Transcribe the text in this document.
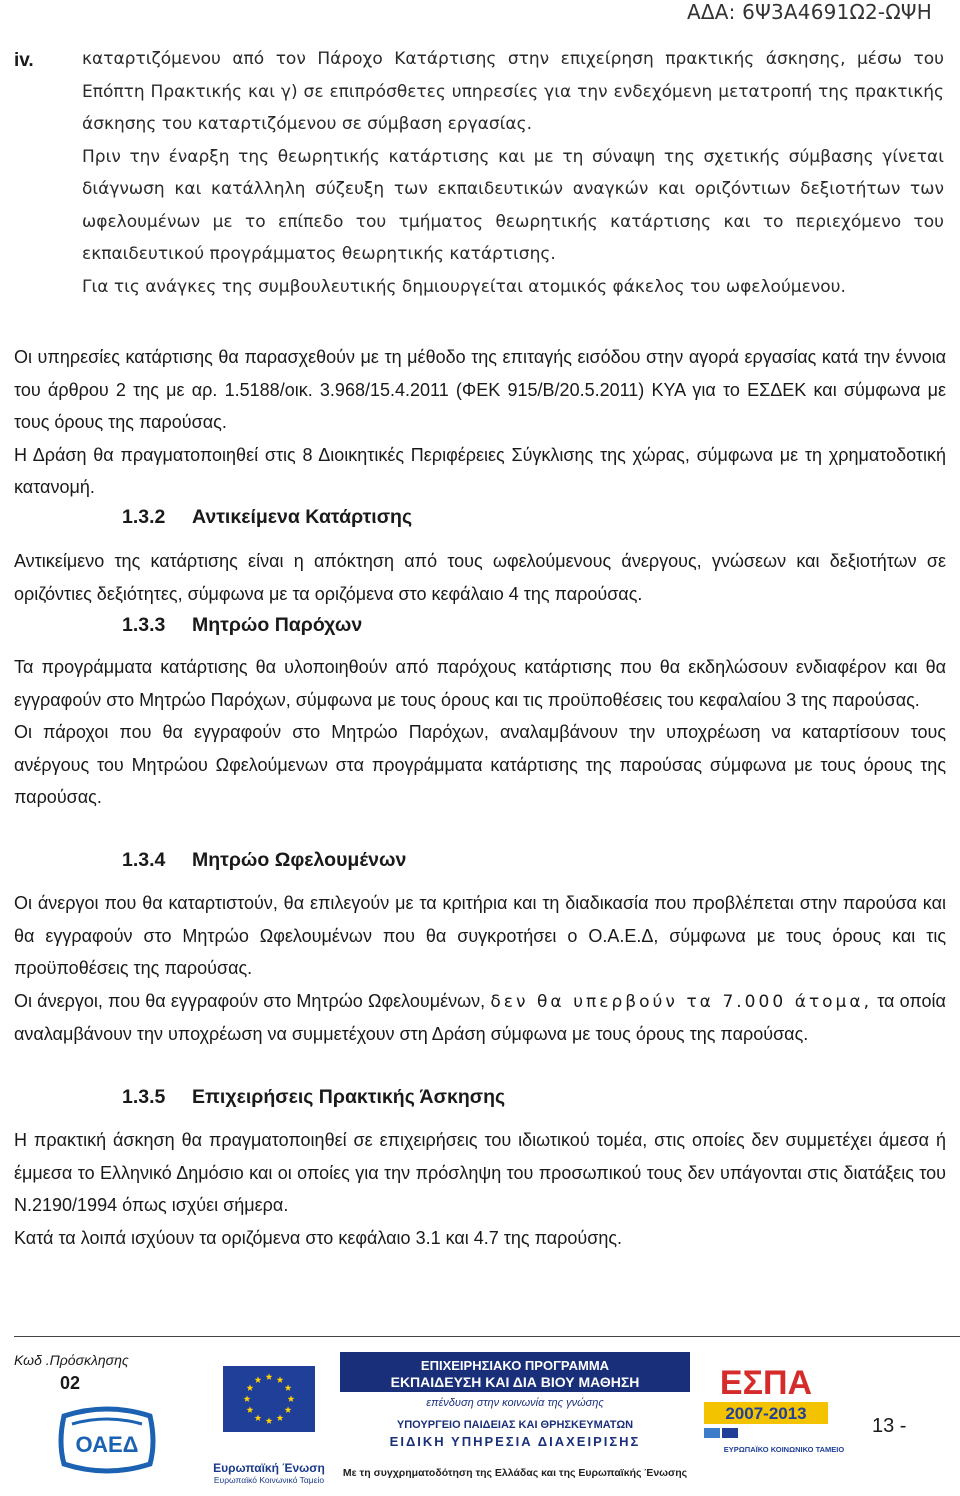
ΑΔΑ: 6Ψ3Α4691Ω2-ΩΨΗ
iv.	καταρτιζόμενου από τον Πάροχο Κατάρτισης στην επιχείρηση πρακτικής άσκησης, μέσω του Επόπτη Πρακτικής και γ) σε επιπρόσθετες υπηρεσίες για την ενδεχόμενη μετατροπή της πρακτικής άσκησης του καταρτιζόμενου σε σύμβαση εργασίας.

Πριν την έναρξη της θεωρητικής κατάρτισης και με τη σύναψη της σχετικής σύμβασης γίνεται διάγνωση και κατάλληλη σύζευξη των εκπαιδευτικών αναγκών και οριζόντιων δεξιοτήτων των ωφελουμένων με το επίπεδο του τμήματος θεωρητικής κατάρτισης και το περιεχόμενο του εκπαιδευτικού προγράμματος θεωρητικής κατάρτισης.

Για τις ανάγκες της συμβουλευτικής δημιουργείται ατομικός φάκελος του ωφελούμενου.

Οι υπηρεσίες κατάρτισης θα παρασχεθούν με τη μέθοδο της επιταγής εισόδου στην αγορά εργασίας κατά την έννοια του άρθρου 2 της με αρ. 1.5188/οικ. 3.968/15.4.2011 (ΦΕΚ 915/Β/20.5.2011) ΚΥΑ για το ΕΣΔΕΚ και σύμφωνα με τους όρους της παρούσας.

Η Δράση θα πραγματοποιηθεί στις 8 Διοικητικές Περιφέρειες Σύγκλισης της χώρας, σύμφωνα με τη χρηματοδοτική κατανομή.

1.3.2 Αντικείμενα Κατάρτισης

Αντικείμενο της κατάρτισης είναι η απόκτηση από τους ωφελούμενους άνεργους, γνώσεων και δεξιοτήτων σε οριζόντιες δεξιότητες, σύμφωνα με τα οριζόμενα στο κεφάλαιο 4 της παρούσας.

1.3.3 Μητρώο Παρόχων

Τα προγράμματα κατάρτισης θα υλοποιηθούν από παρόχους κατάρτισης που θα εκδηλώσουν ενδιαφέρον και θα εγγραφούν στο Μητρώο Παρόχων, σύμφωνα με τους όρους και τις προϋποθέσεις του κεφαλαίου 3 της παρούσας.

Οι πάροχοι που θα εγγραφούν στο Μητρώο Παρόχων, αναλαμβάνουν την υποχρέωση να καταρτίσουν τους ανέργους του Μητρώου Ωφελούμενων στα προγράμματα κατάρτισης της παρούσας σύμφωνα με τους όρους της παρούσας.

1.3.4 Μητρώο Ωφελουμένων

Οι άνεργοι που θα καταρτιστούν, θα επιλεγούν με τα κριτήρια και τη διαδικασία που προβλέπεται στην παρούσα και θα εγγραφούν στο Μητρώο Ωφελουμένων που θα συγκροτήσει ο Ο.Α.Ε.Δ, σύμφωνα με τους όρους και τις προϋποθέσεις της παρούσας.

Οι άνεργοι, που θα εγγραφούν στο Μητρώο Ωφελουμένων, δεν θα υπερβούν τα 7.000 άτομα, τα οποία αναλαμβάνουν την υποχρέωση να συμμετέχουν στη Δράση σύμφωνα με τους όρους της παρούσας.

1.3.5 Επιχειρήσεις Πρακτικής Άσκησης

Η πρακτική άσκηση θα πραγματοποιηθεί σε επιχειρήσεις του ιδιωτικού τομέα, στις οποίες δεν συμμετέχει άμεσα ή έμμεσα το Ελληνικό Δημόσιο και οι οποίες για την πρόσληψη του προσωπικού τους δεν υπάγονται στις διατάξεις του Ν.2190/1994 όπως ισχύει σήμερα.

Κατά τα λοιπά ισχύουν τα οριζόμενα στο κεφάλαιο 3.1 και 4.7 της παρούσης.

Κωδ .Πρόσκλησης
02
ΟΑΕΔ
Ευρωπαϊκή Ένωση
Ευρωπαϊκό Κοινωνικό Ταμείο
ΕΠΙΧΕΙΡΗΣΙΑΚΟ ΠΡΟΓΡΑΜΜΑ
ΕΚΠΑΙΔΕΥΣΗ ΚΑΙ ΔΙΑ ΒΙΟΥ ΜΑΘΗΣΗ
επένδυση στην κοινωνία της γνώσης
ΥΠΟΥΡΓΕΙΟ ΠΑΙΔΕΙΑΣ ΚΑΙ ΘΡΗΣΚΕΥΜΑΤΩΝ
ΕΙΔΙΚΗ ΥΠΗΡΕΣΙΑ ΔΙΑΧΕΙΡΙΣΗΣ
Με τη συγχρηματοδότηση της Ελλάδας και της Ευρωπαϊκής Ένωσης
ΕΣΠΑ
2007-2013
ΕΥΡΩΠΑΪΚΟ ΚΟΙΝΩΝΙΚΟ ΤΑΜΕΙΟ
13 -
